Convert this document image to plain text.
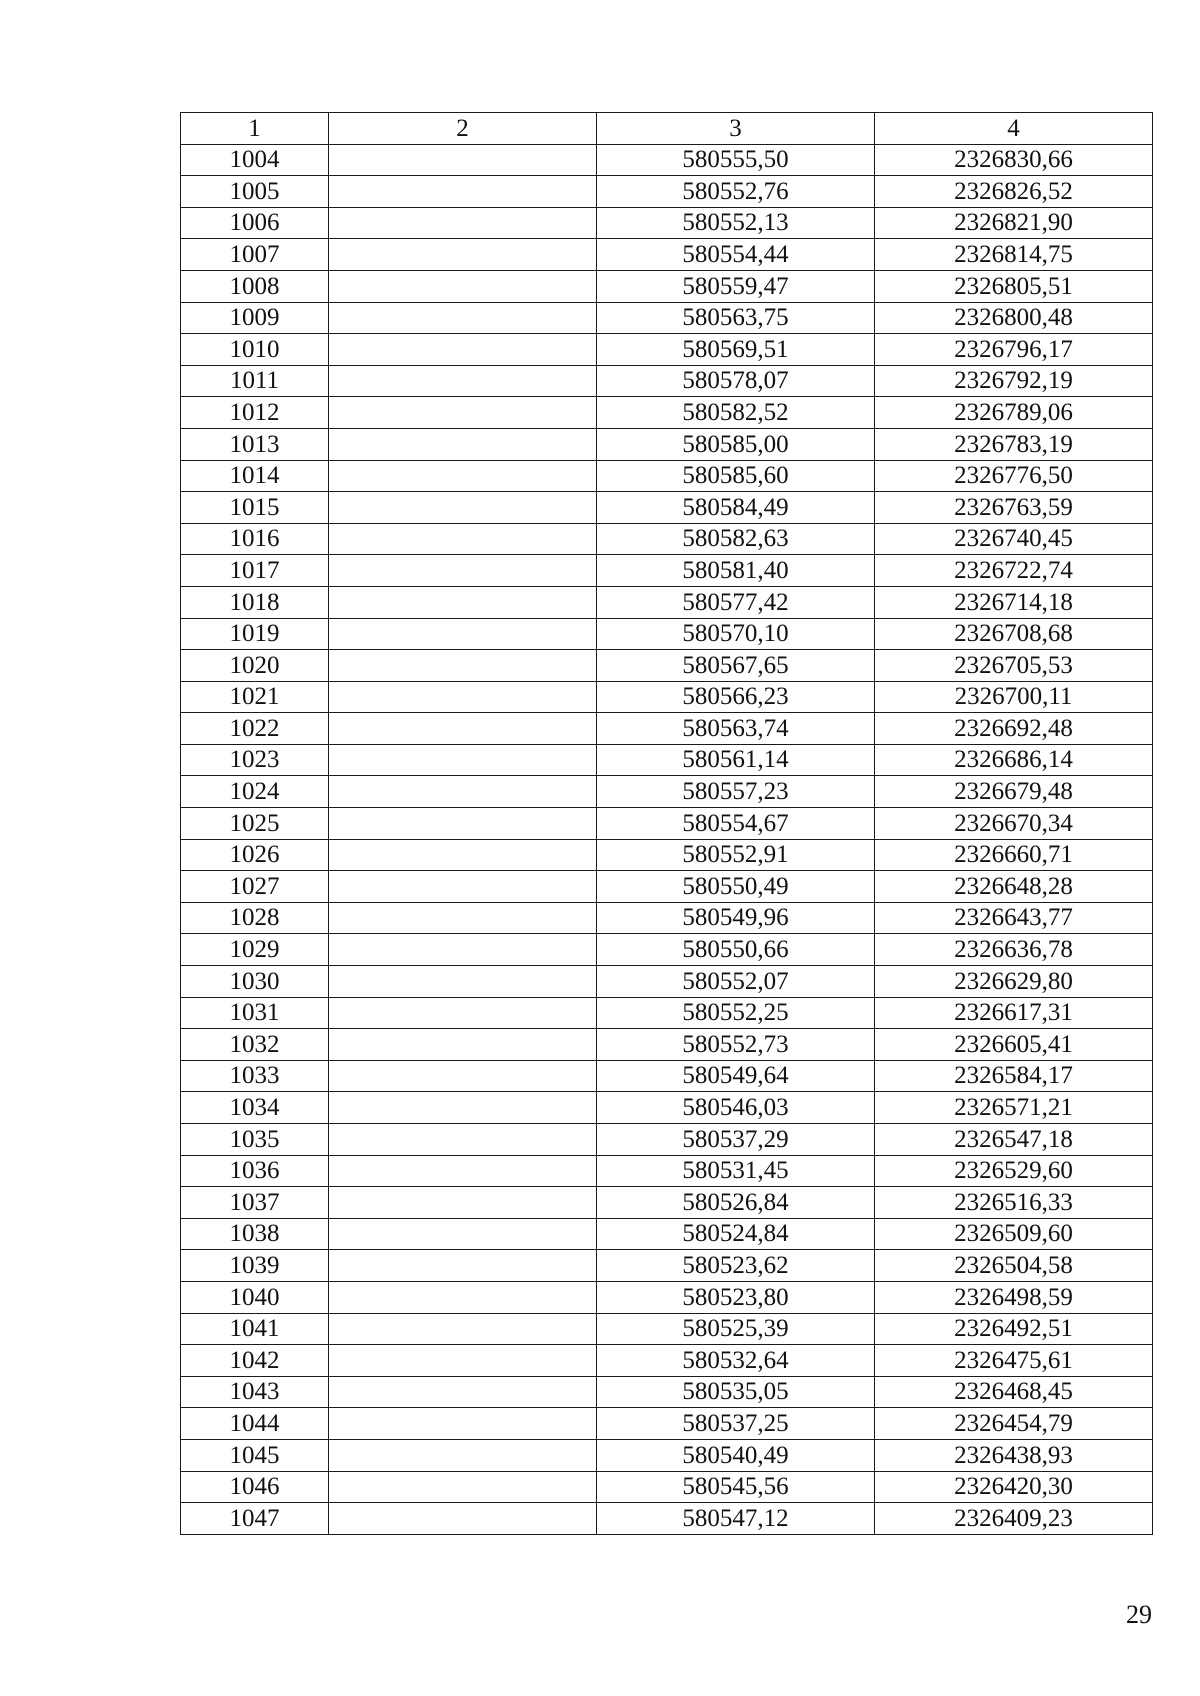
1	2	3	4
1004		580555,50	2326830,66
1005		580552,76	2326826,52
1006		580552,13	2326821,90
1007		580554,44	2326814,75
1008		580559,47	2326805,51
1009		580563,75	2326800,48
1010		580569,51	2326796,17
1011		580578,07	2326792,19
1012		580582,52	2326789,06
1013		580585,00	2326783,19
1014		580585,60	2326776,50
1015		580584,49	2326763,59
1016		580582,63	2326740,45
1017		580581,40	2326722,74
1018		580577,42	2326714,18
1019		580570,10	2326708,68
1020		580567,65	2326705,53
1021		580566,23	2326700,11
1022		580563,74	2326692,48
1023		580561,14	2326686,14
1024		580557,23	2326679,48
1025		580554,67	2326670,34
1026		580552,91	2326660,71
1027		580550,49	2326648,28
1028		580549,96	2326643,77
1029		580550,66	2326636,78
1030		580552,07	2326629,80
1031		580552,25	2326617,31
1032		580552,73	2326605,41
1033		580549,64	2326584,17
1034		580546,03	2326571,21
1035		580537,29	2326547,18
1036		580531,45	2326529,60
1037		580526,84	2326516,33
1038		580524,84	2326509,60
1039		580523,62	2326504,58
1040		580523,80	2326498,59
1041		580525,39	2326492,51
1042		580532,64	2326475,61
1043		580535,05	2326468,45
1044		580537,25	2326454,79
1045		580540,49	2326438,93
1046		580545,56	2326420,30
1047		580547,12	2326409,23
29
